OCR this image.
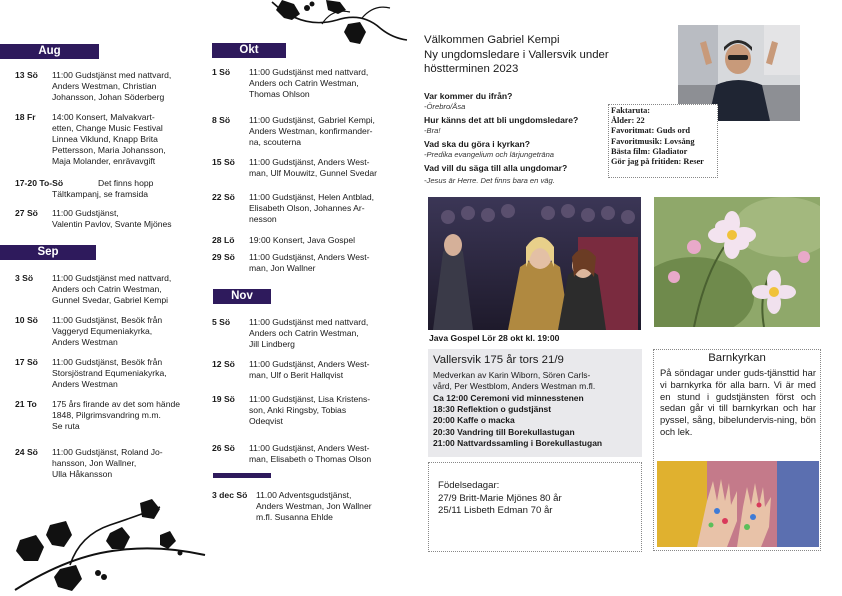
Aug
13 Sö 11:00 Gudstjänst med nattvard,
Anders Westman, Christian
Johansson, Johan Söderberg
18 Fr 14:00 Konsert, Malvakvart-
etten, Change Music Festival
Linnea Viklund, Knapp Brita
Pettersson, Maria Johansson,
Maja Molander, enrävavgift
17-20 To-Sö	Det finns hopp
Tältkampanj, se framsida
27 Sö 11:00 Gudstjänst,
Valentin Pavlov, Svante Mjönes
Sep
3 Sö 11:00 Gudstjänst med nattvard,
Anders och Catrin Westman,
Gunnel Svedar, Gabriel Kempi
10 Sö 11:00 Gudstjänst, Besök från
Vaggeryd Equmeniakyrka,
Anders Westman
17 Sö 11:00 Gudstjänst, Besök från
Storsjöstrand Equmeniakyrka,
Anders Westman
21 To 175 års firande av det som hände
1848, Pilgrimsvandring m.m.
Se ruta
24 Sö 11:00 Gudstjänst, Roland Jo-
hansson, Jon Wallner,
Ulla Håkansson
Okt
1 Sö 11:00 Gudstjänst med nattvard,
Anders och Catrin Westman,
Thomas Ohlson
8 Sö 11:00 Gudstjänst, Gabriel Kempi,
Anders Westman, konfirmander-
na, scouterna
15 Sö 11:00 Gudstjänst, Anders West-
man, Ulf Mouwitz, Gunnel Svedar
22 Sö 11:00 Gudstjänst, Helen Antblad,
Elisabeth Olson, Johannes Ar-
nesson
28 Lö 19:00 Konsert, Java Gospel
29 Sö 11:00 Gudstjänst, Anders West-
man, Jon Wallner
Nov
5 Sö 11:00 Gudstjänst med nattvard,
Anders och Catrin Westman,
Jill Lindberg
12 Sö 11:00 Gudstjänst, Anders West-
man, Ulf o Berit Hallqvist
19 Sö 11:00 Gudstjänst, Lisa Kristens-
son, Anki Ringsby, Tobias
Odeqvist
26 Sö 11:00 Gudstjänst, Anders West-
man, Elisabeth o Thomas Olson
3 dec Sö 11.00 Adventsgudstjänst,
Anders Westman, Jon Wallner
m.fl. Susanna Ehlde
Välkommen Gabriel Kempi
Ny ungdomsledare i Vallersvik under
höstterminen 2023
Var kommer du ifrån?
-Örebro/Åsa
Hur känns det att bli ungdomsledare?
-Bra!
Vad ska du göra i kyrkan?
-Predika evangelium och lärjungeträna
Vad vill du säga till alla ungdomar?
-Jesus är Herre. Det finns bara en väg.
Faktaruta:
Ålder: 22
Favoritmat: Guds ord
Favoritmusik: Lovsång
Bästa film: Gladiator
Gör jag på fritiden: Reser
Java Gospel Lör 28 okt kl. 19:00
Vallersvik 175 år tors 21/9
Medverkan av Karin Wiborn, Sören Carls-
vård, Per Westblom, Anders Westman m.fl.
Ca 12:00 Ceremoni vid minnesstenen
18:30 Reflektion o gudstjänst
20:00 Kaffe o macka
20:30 Vandring till Borekullastugan
21:00 Nattvardssamling i Borekullastugan
Födelsedagar:
27/9 Britt-Marie Mjönes 80 år
25/11 Lisbeth Edman 70 år
Barnkyrkan
På söndagar under guds-tjänsttid har vi barnkyrka för alla barn. Vi är med en stund i gudstjänsten först och sedan går vi till barnkyrkan och har pyssel, sång, bibelundervis-ning, bön och lek.
